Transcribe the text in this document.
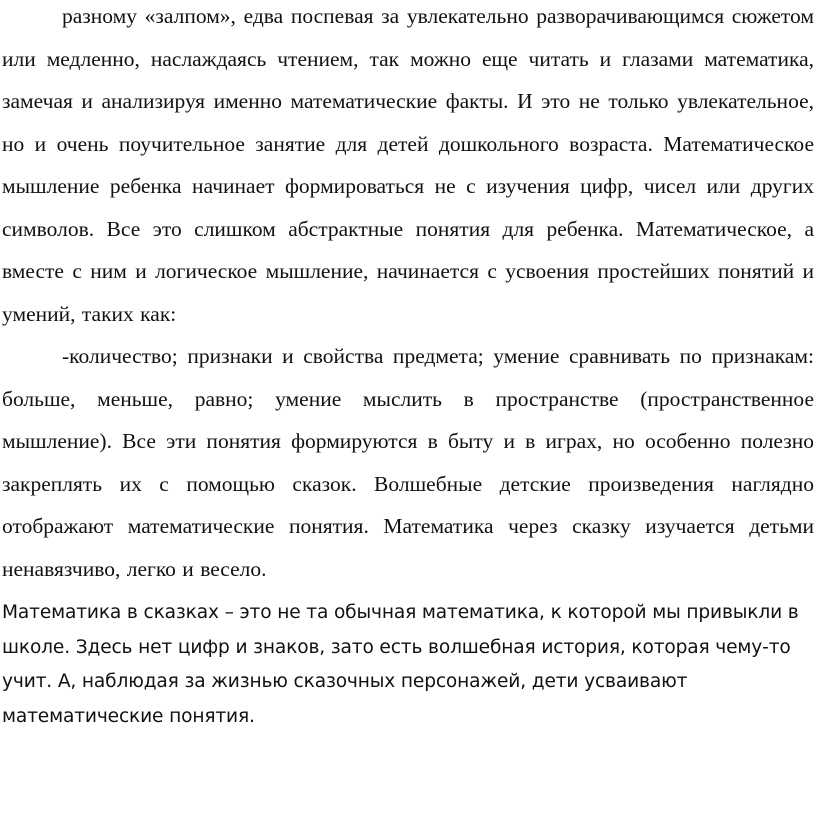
разному «залпом», едва поспевая за увлекательно разворачивающимся сюжетом или медленно, наслаждаясь чтением, так можно еще читать и глазами математика, замечая и анализируя именно математические факты. И это не только увлекательное, но и очень поучительное занятие для детей дошкольного возраста. Математическое мышление ребенка начинает формироваться не с изучения цифр, чисел или других символов. Все это слишком абстрактные понятия для ребенка. Математическое, а вместе с ним и логическое мышление, начинается с усвоения простейших понятий и умений, таких как:

-количество; признаки и свойства предмета; умение сравнивать по признакам: больше, меньше, равно; умение мыслить в пространстве (пространственное мышление). Все эти понятия формируются в быту и в играх, но особенно полезно закреплять их с помощью сказок. Волшебные детские произведения наглядно отображают математические понятия. Математика через сказку изучается детьми ненавязчиво, легко и весело.

Математика в сказках – это не та обычная математика, к которой мы привыкли в школе. Здесь нет цифр и знаков, зато есть волшебная история, которая чему-то учит. А, наблюдая за жизнью сказочных персонажей, дети усваивают математические понятия.
